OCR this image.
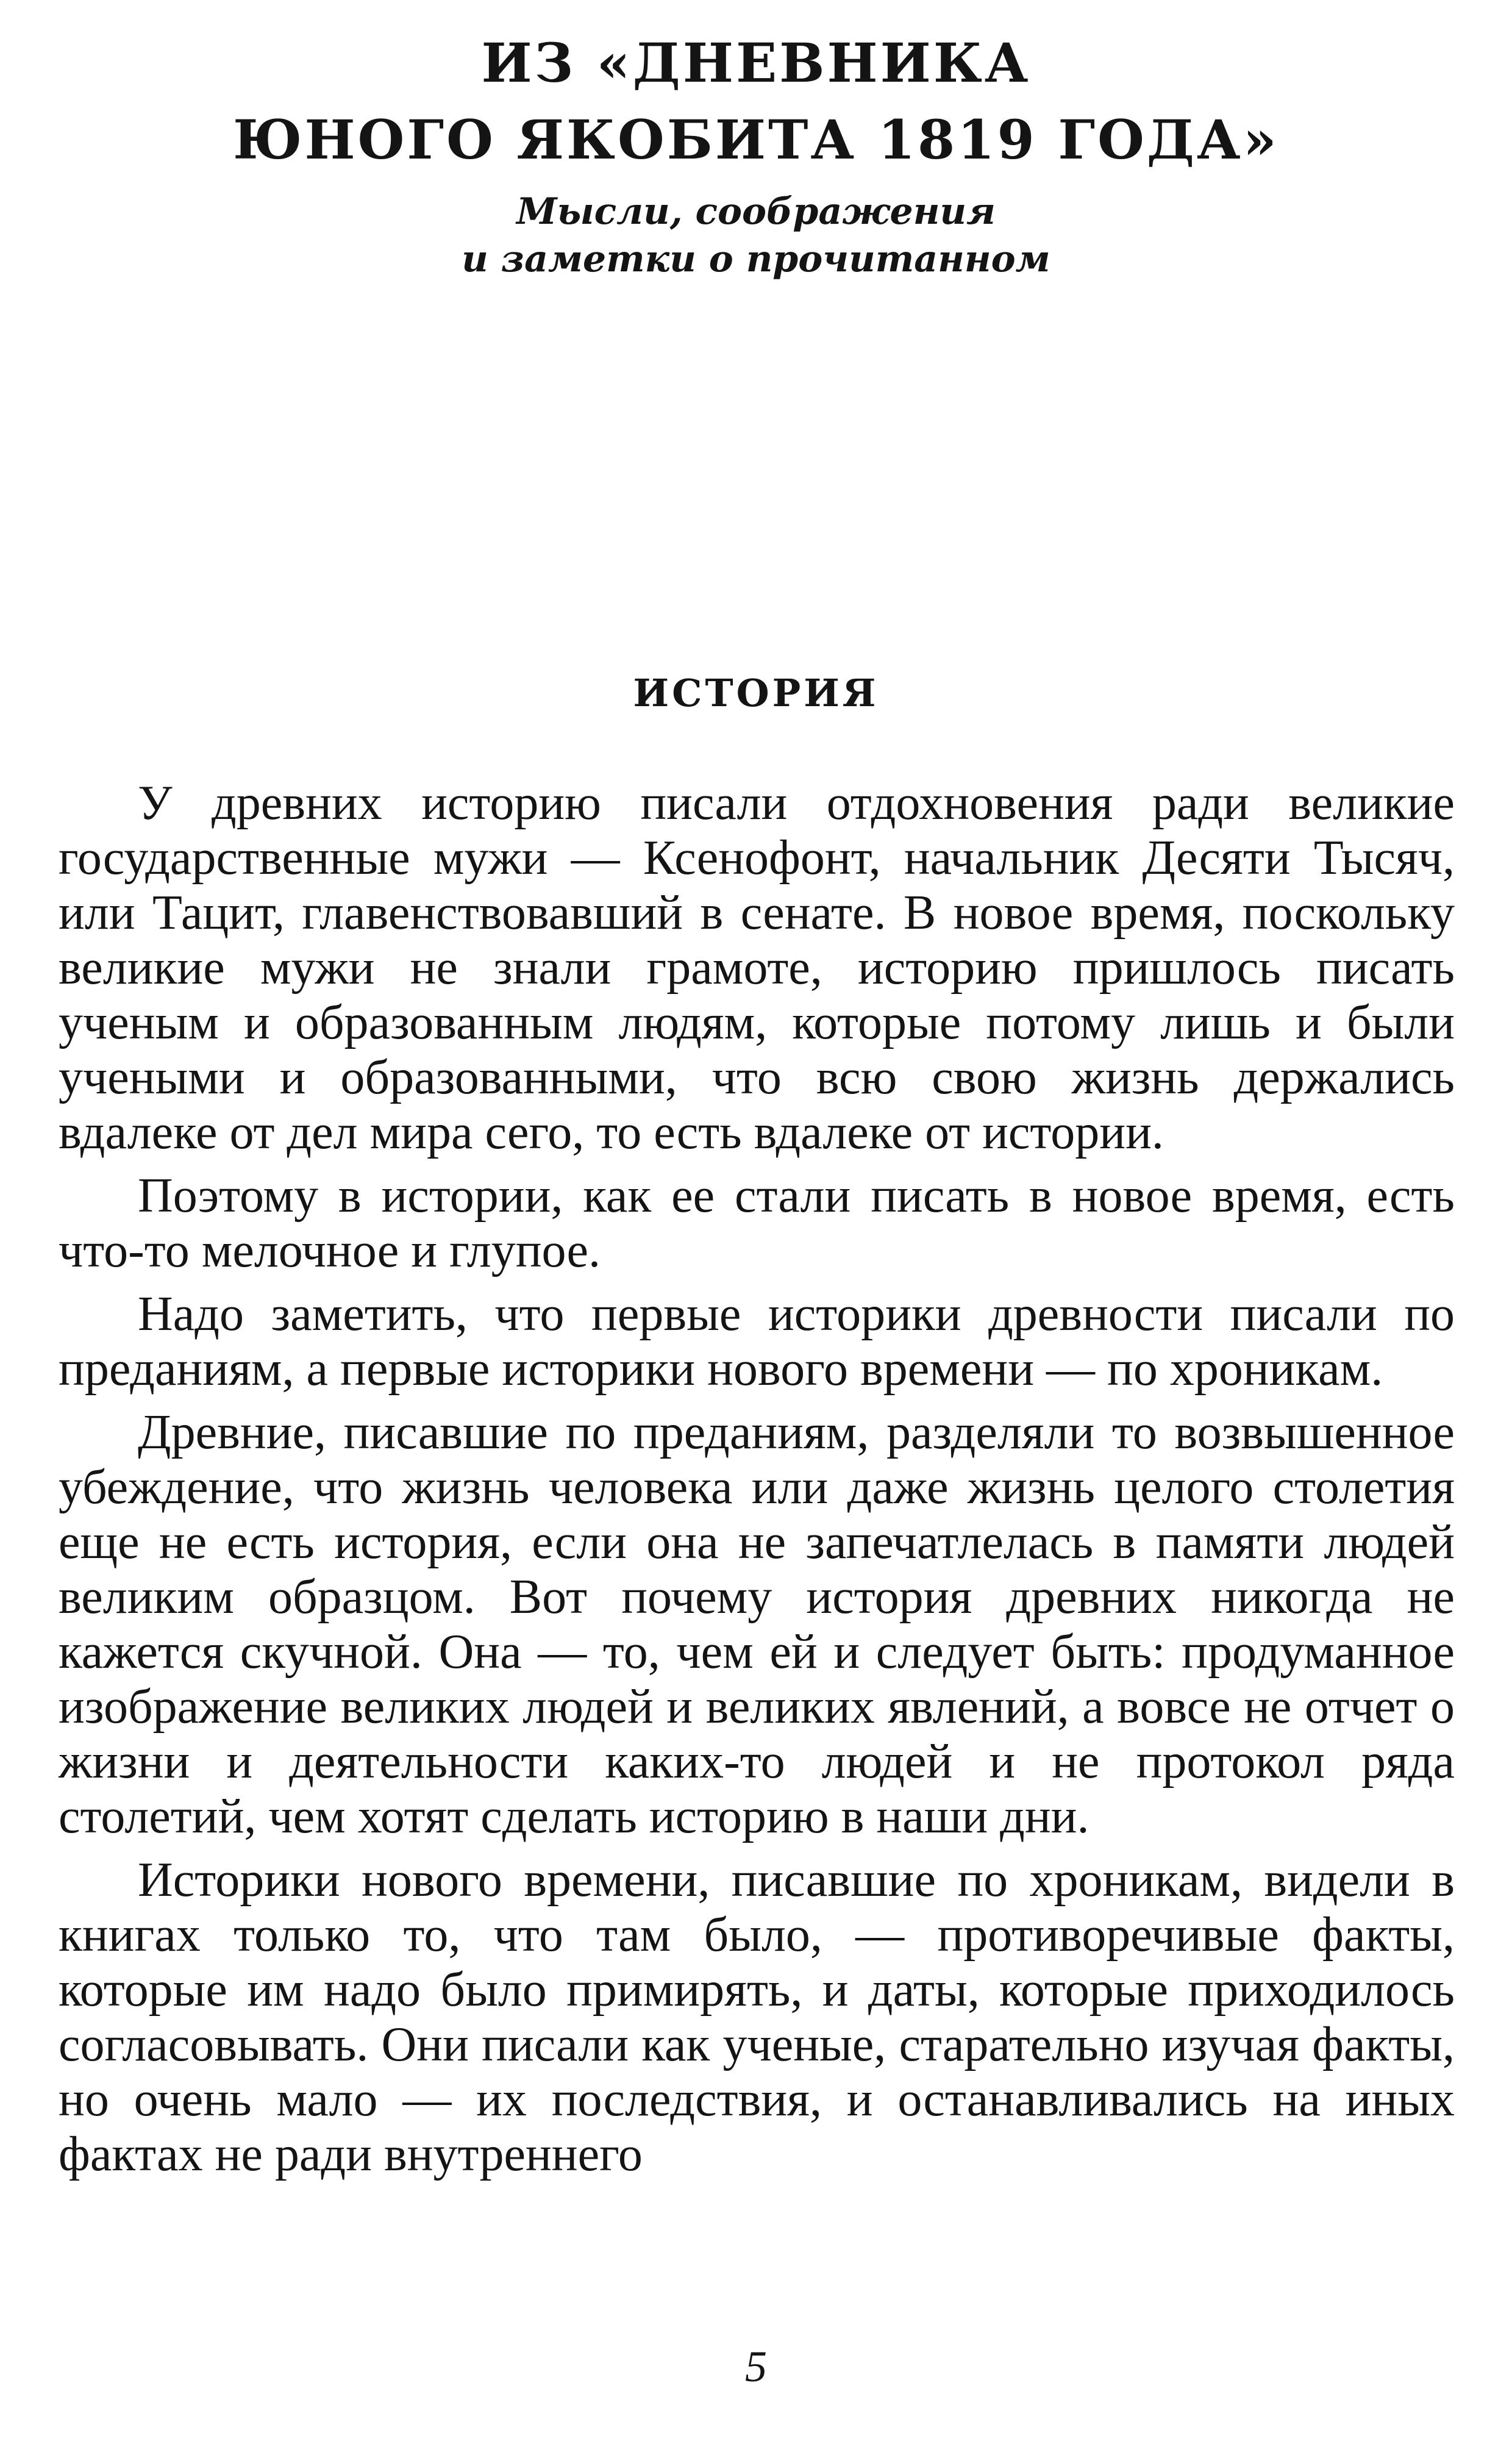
ИЗ «ДНЕВНИКА
ЮНОГО ЯКОБИТА 1819 ГОДА»

Мысли, соображения
и заметки о прочитанном

ИСТОРИЯ

У древних историю писали отдохновения ради великие государственные мужи — Ксенофонт, начальник Десяти Тысяч, или Тацит, главенствовавший в сенате. В новое время, поскольку великие мужи не знали грамоте, историю пришлось писать ученым и образованным людям, которые потому лишь и были учеными и образованными, что всю свою жизнь держались вдалеке от дел мира сего, то есть вдалеке от истории.

Поэтому в истории, как ее стали писать в новое время, есть что-то мелочное и глупое.

Надо заметить, что первые историки древности писали по преданиям, а первые историки нового времени — по хроникам.

Древние, писавшие по преданиям, разделяли то возвышенное убеждение, что жизнь человека или даже жизнь целого столетия еще не есть история, если она не запечатлелась в памяти людей великим образцом. Вот почему история древних никогда не кажется скучной. Она — то, чем ей и следует быть: продуманное изображение великих людей и великих явлений, а вовсе не отчет о жизни и деятельности каких-то людей и не протокол ряда столетий, чем хотят сделать историю в наши дни.

Историки нового времени, писавшие по хроникам, видели в книгах только то, что там было, — противоречивые факты, которые им надо было примирять, и даты, которые приходилось согласовывать. Они писали как ученые, старательно изучая факты, но очень мало — их последствия, и останавливались на иных фактах не ради внутреннего

5
